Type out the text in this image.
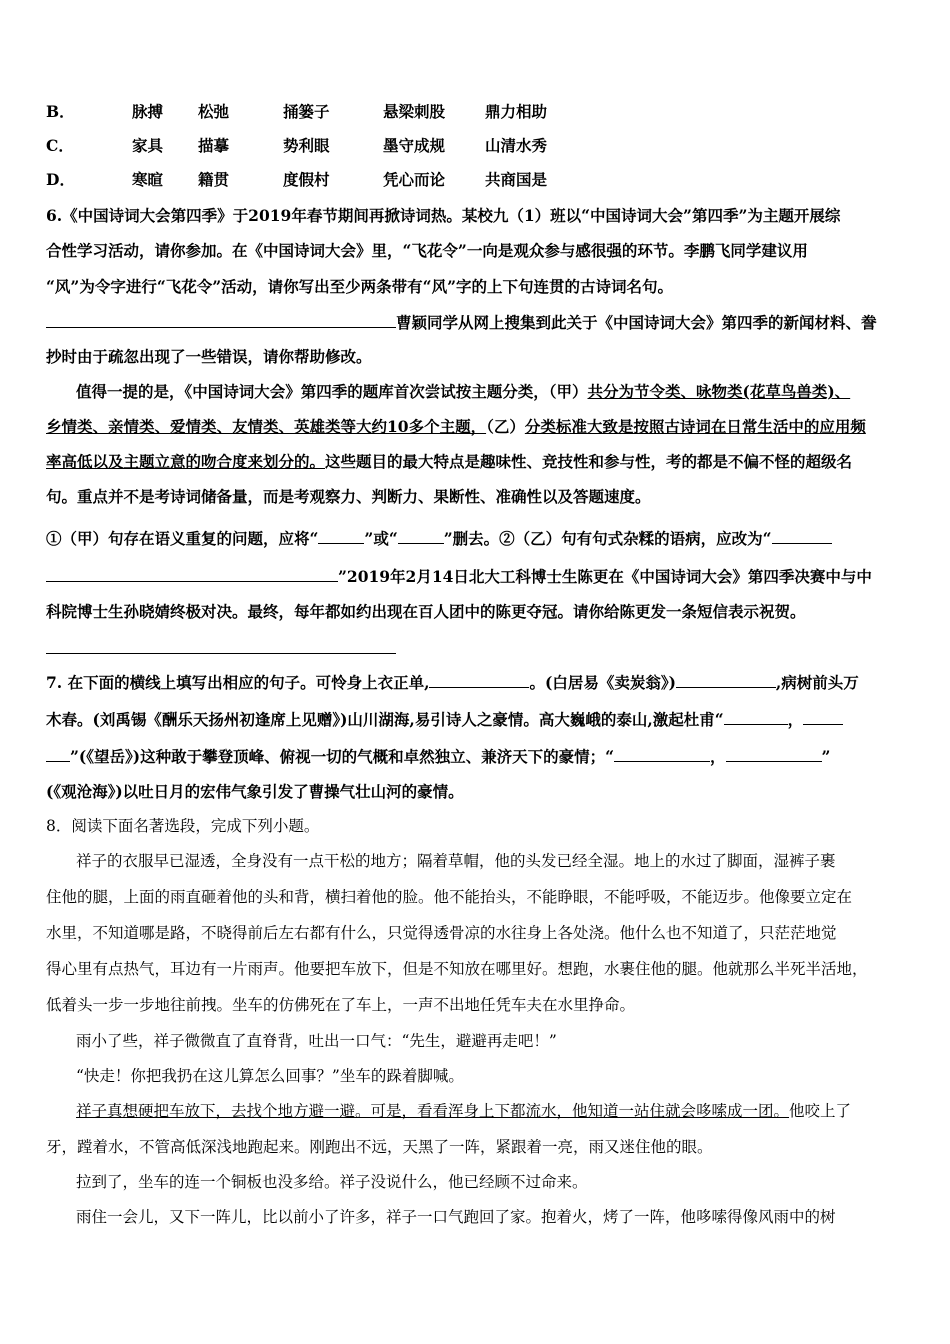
B．	脉搏 松弛	捅篓子	悬梁刺股	鼎力相助
C．	家具 描摹	势利眼	墨守成规	山清水秀
D．	寒暄 籍贯	度假村	凭心而论	共商国是
6.《中国诗词大会第四季》于2019年春节期间再掀诗词热。某校九（1）班以“中国诗词大会”第四季”为主题开展综
合性学习活动，请你参加。在《中国诗词大会》里，“飞花令”一向是观众参与感很强的环节。李鹏飞同学建议用
“风”为令字进行“飞花令”活动，请你写出至少两条带有“风”字的上下句连贯的古诗词名句。
曹颖同学从网上搜集到此关于《中国诗词大会》第四季的新闻材料、誊
抄时由于疏忽出现了一些错误，请你帮助修改。
值得一提的是，《中国诗词大会》第四季的题库首次尝试按主题分类，（甲）共分为节令类、咏物类(花草鸟兽类)、
乡情类、亲情类、爱情类、友情类、英雄类等大约10多个主题，（乙）分类标准大致是按照古诗词在日常生活中的应用频
率高低以及主题立意的吻合度来划分的。这些题目的最大特点是趣味性、竞技性和参与性，考的都是不偏不怪的超级名
句。重点并不是考诗词储备量，而是考观察力、判断力、果断性、准确性以及答题速度。
①（甲）句存在语义重复的问题，应将“	”或“	”删去。②（乙）句有句式杂糅的语病，应改为“
”2019年2月14日北大工科博士生陈更在《中国诗词大会》第四季决赛中与中
科院博士生孙晓婧终极对决。最终，每年都如约出现在百人团中的陈更夺冠。请你给陈更发一条短信表示祝贺。
7. 在下面的横线上填写出相应的句子。可怜身上衣正单,	。(白居易《卖炭翁》)	,病树前头万
木春。(刘禹锡《酬乐天扬州初逢席上见赠》)山川湖海,易引诗人之豪情。高大巍峨的泰山,激起杜甫“	，
”(《望岳》)这种敢于攀登顶峰、俯视一切的气概和卓然独立、兼济天下的豪情；“	，	”
(《观沧海》)以吐日月的宏伟气象引发了曹操气壮山河的豪情。
8．阅读下面名著选段，完成下列小题。
祥子的衣服早已湿透，全身没有一点干松的地方；隔着草帽，他的头发已经全湿。地上的水过了脚面，湿裤子裹
住他的腿，上面的雨直砸着他的头和背，横扫着他的脸。他不能抬头，不能睁眼，不能呼吸，不能迈步。他像要立定在
水里，不知道哪是路，不晓得前后左右都有什么，只觉得透骨凉的水往身上各处浇。他什么也不知道了，只茫茫地觉
得心里有点热气，耳边有一片雨声。他要把车放下，但是不知放在哪里好。想跑，水裹住他的腿。他就那么半死半活地，
低着头一步一步地往前拽。坐车的仿佛死在了车上，一声不出地任凭车夫在水里挣命。
雨小了些，祥子微微直了直脊背，吐出一口气：“先生，避避再走吧！”
“快走！你把我扔在这儿算怎么回事？”坐车的跺着脚喊。
祥子真想硬把车放下，去找个地方避一避。可是，看看浑身上下都流水，他知道一站住就会哆嗦成一团。他咬上了
牙，蹚着水，不管高低深浅地跑起来。刚跑出不远，天黑了一阵，紧跟着一亮，雨又迷住他的眼。
拉到了，坐车的连一个铜板也没多给。祥子没说什么，他已经顾不过命来。
雨住一会儿，又下一阵儿，比以前小了许多，祥子一口气跑回了家。抱着火，烤了一阵，他哆嗦得像风雨中的树
